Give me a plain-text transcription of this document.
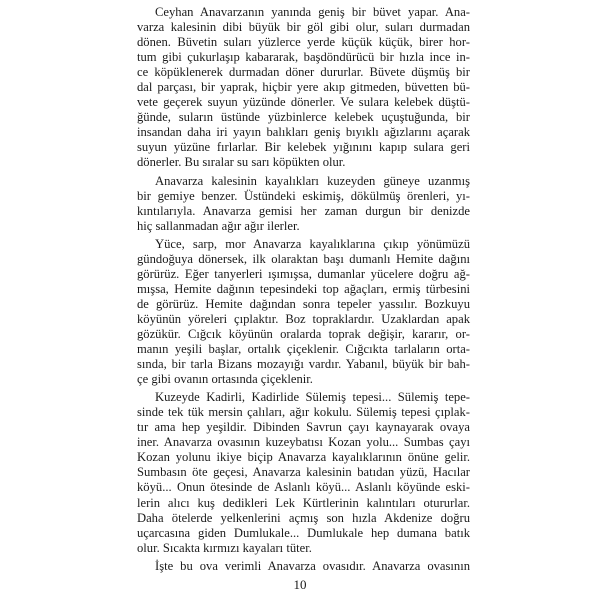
Ceyhan Anavarzanın yanında geniş bir büvet yapar. Ana-
varza kalesinin dibi büyük bir göl gibi olur, suları durmadan
dönen. Büvetin suları yüzlerce yerde küçük küçük, birer hor-
tum gibi çukurlaşıp kabararak, başdöndürücü bir hızla ince in-
ce köpüklenerek durmadan döner dururlar. Büvete düşmüş bir
dal parçası, bir yaprak, hiçbir yere akıp gitmeden, büvetten bü-
vete geçerek suyun yüzünde dönerler. Ve sulara kelebek düştü-
ğünde, suların üstünde yüzbinlerce kelebek uçuştuğunda, bir
insandan daha iri yayın balıkları geniş bıyıklı ağızlarını açarak
suyun yüzüne fırlarlar. Bir kelebek yığınını kapıp sulara geri
dönerler. Bu sıralar su sarı köpükten olur.
Anavarza kalesinin kayalıkları kuzeyden güneye uzanmış
bir gemiye benzer. Üstündeki eskimiş, dökülmüş örenleri, yı-
kıntılarıyla. Anavarza gemisi her zaman durgun bir denizde
hiç sallanmadan ağır ağır ilerler.
Yüce, sarp, mor Anavarza kayalıklarına çıkıp yönümüzü
gündoğuya dönersek, ilk olaraktan başı dumanlı Hemite dağını
görürüz. Eğer tanyerleri ışımışsa, dumanlar yücelere doğru ağ-
mışsa, Hemite dağının tepesindeki top ağaçları, ermiş türbesini
de görürüz. Hemite dağından sonra tepeler yassılır. Bozkuyu
köyünün yöreleri çıplaktır. Boz topraklardır. Uzaklardan apak
gözükür. Cığcık köyünün oralarda toprak değişir, kararır, or-
manın yeşili başlar, ortalık çiçeklenir. Cığcıkta tarlaların orta-
sında, bir tarla Bizans mozayığı vardır. Yabanıl, büyük bir bah-
çe gibi ovanın ortasında çiçeklenir.
Kuzeyde Kadirli, Kadirlide Sülemiş tepesi... Sülemiş tepe-
sinde tek tük mersin çalıları, ağır kokulu. Sülemiş tepesi çıplak-
tır ama hep yeşildir. Dibinden Savrun çayı kaynayarak ovaya
iner. Anavarza ovasının kuzeybatısı Kozan yolu... Sumbas çayı
Kozan yolunu ikiye biçip Anavarza kayalıklarının önüne gelir.
Sumbasın öte geçesi, Anavarza kalesinin batıdan yüzü, Hacılar
köyü... Onun ötesinde de Aslanlı köyü... Aslanlı köyünde eski-
lerin alıcı kuş dedikleri Lek Kürtlerinin kalıntıları otururlar.
Daha ötelerde yelkenlerini açmış son hızla Akdenize doğru
uçarcasına giden Dumlukale... Dumlukale hep dumana batık
olur. Sıcakta kırmızı kayaları tüter.
İşte bu ova verimli Anavarza ovasıdır. Anavarza ovasının
10
